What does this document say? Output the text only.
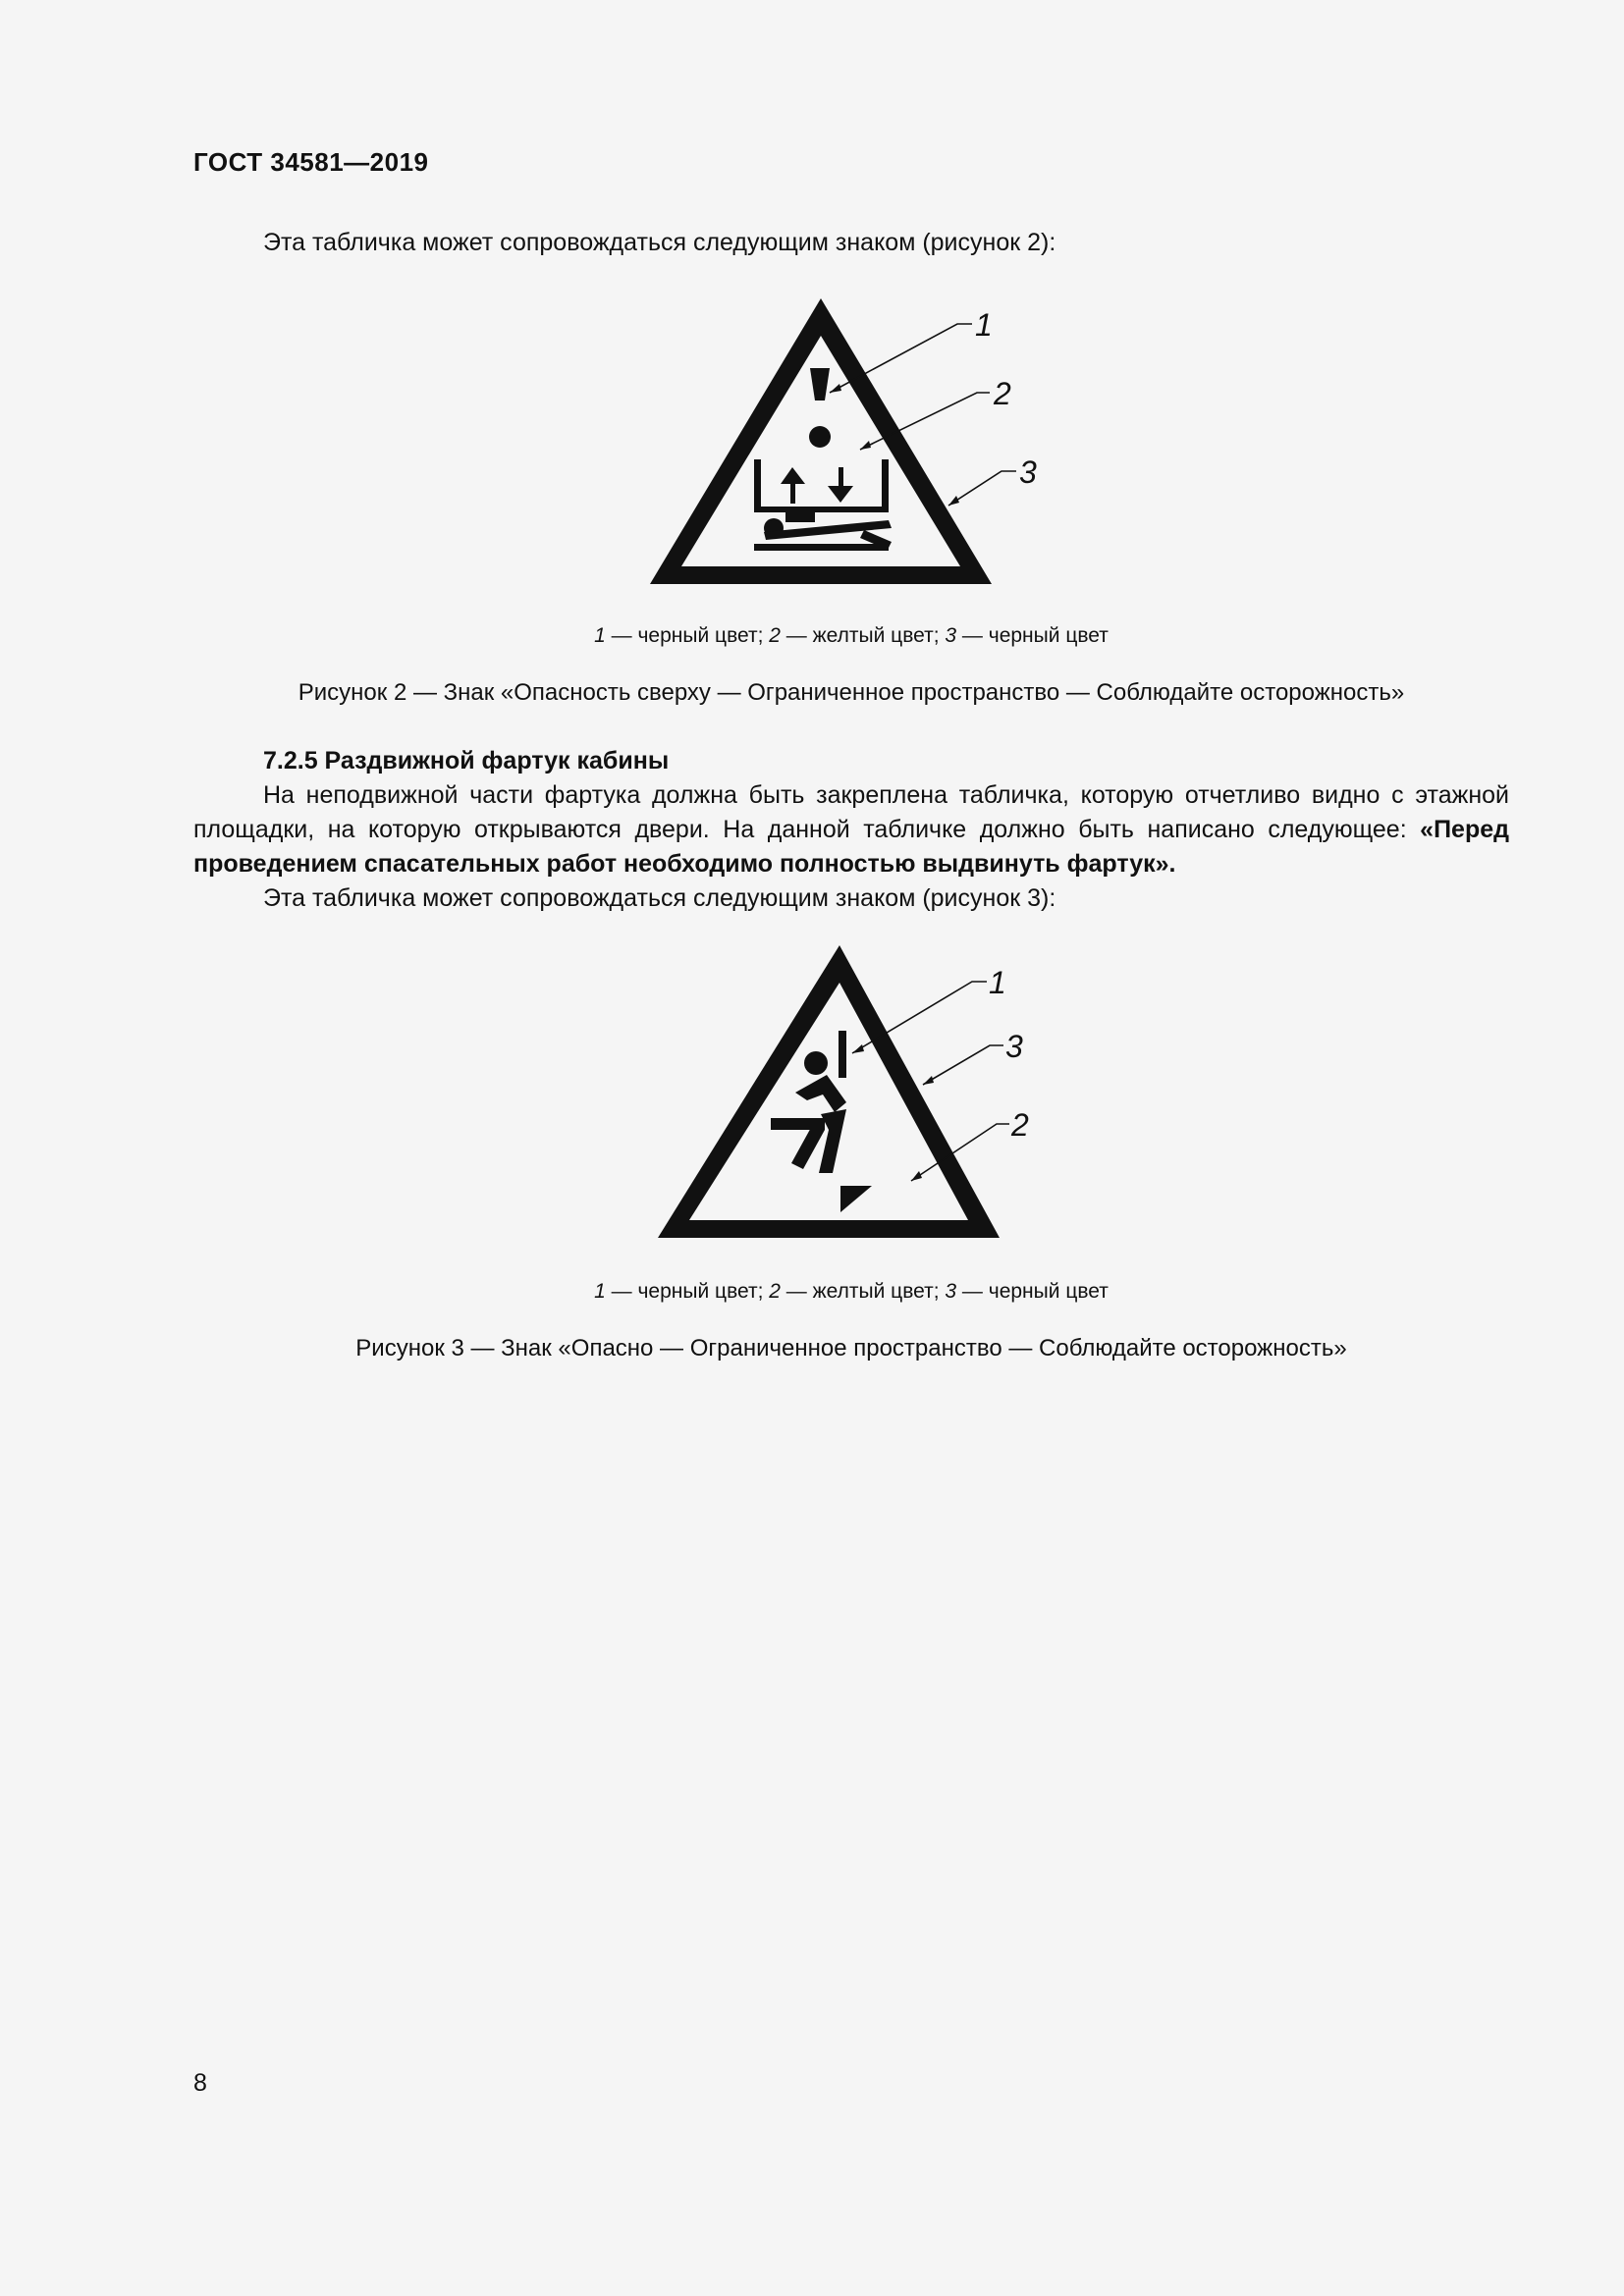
ГОСТ 34581—2019
Эта табличка может сопровождаться следующим знаком (рисунок 2):
1
2
3
1 — черный цвет; 2 — желтый цвет; 3 — черный цвет
Рисунок 2 — Знак «Опасность сверху — Ограниченное пространство — Соблюдайте осторожность»
7.2.5 Раздвижной фартук кабины
На неподвижной части фартука должна быть закреплена табличка, которую отчетливо видно с этажной площадки, на которую открываются двери. На данной табличке должно быть написано следующее: «Перед проведением спасательных работ необходимо полностью выдвинуть фартук».
Эта табличка может сопровождаться следующим знаком (рисунок 3):
1
3
2
1 — черный цвет; 2 — желтый цвет; 3 — черный цвет
Рисунок 3 — Знак «Опасно — Ограниченное пространство — Соблюдайте осторожность»
8
